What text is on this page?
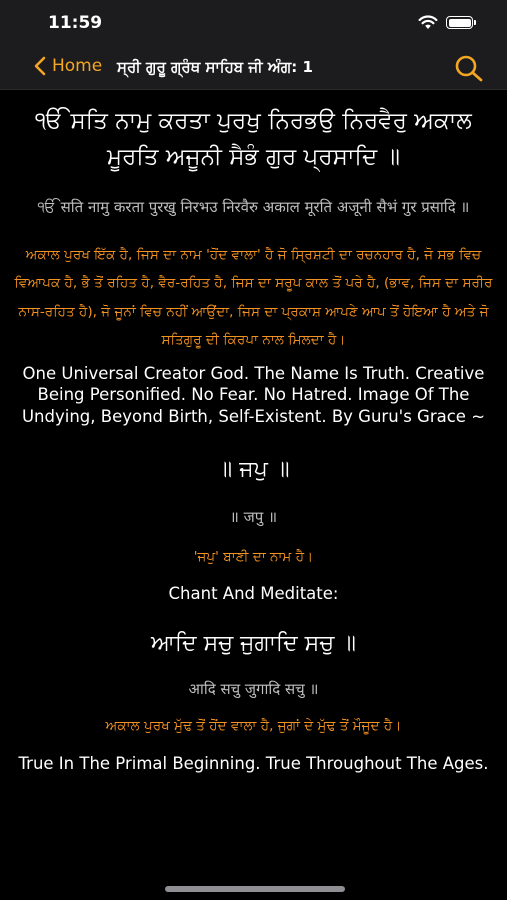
11:59
Home ਸ੍ਰੀ ਗੁਰੂ ਗ੍ਰੰਥ ਸਾਹਿਬ ਜੀ ਅੰਗ: 1
ੴ ਸਤਿ ਨਾਮੁ ਕਰਤਾ ਪੁਰਖੁ ਨਿਰਭਉ ਨਿਰਵੈਰੁ ਅਕਾਲ ਮੂਰਤਿ ਅਜੂਨੀ ਸੈਭੰ ਗੁਰ ਪ੍ਰਸਾਦਿ ॥
ੴ सति नामु करता पुरखु निरभउ निरवैरु अकाल मूरति अजूनी सैभं गुर प्रसादि ॥
ਅਕਾਲ ਪੁਰਖ ਇੱਕ ਹੈ, ਜਿਸ ਦਾ ਨਾਮ 'ਹੋਂਦ ਵਾਲਾ' ਹੈ ਜੋ ਸ੍ਰਿਸ਼ਟੀ ਦਾ ਰਚਨਹਾਰ ਹੈ, ਜੋ ਸਭ ਵਿਚ ਵਿਆਪਕ ਹੈ, ਭੈ ਤੋਂ ਰਹਿਤ ਹੈ, ਵੈਰ-ਰਹਿਤ ਹੈ, ਜਿਸ ਦਾ ਸਰੂਪ ਕਾਲ ਤੋਂ ਪਰੇ ਹੈ, (ਭਾਵ, ਜਿਸ ਦਾ ਸਰੀਰ ਨਾਸ-ਰਹਿਤ ਹੈ), ਜੋ ਜੂਨਾਂ ਵਿਚ ਨਹੀਂ ਆਉਂਦਾ, ਜਿਸ ਦਾ ਪ੍ਰਕਾਸ਼ ਆਪਣੇ ਆਪ ਤੋਂ ਹੋਇਆ ਹੈ ਅਤੇ ਜੋ ਸਤਿਗੁਰੂ ਦੀ ਕਿਰਪਾ ਨਾਲ ਮਿਲਦਾ ਹੈ।
One Universal Creator God. The Name Is Truth. Creative Being Personified. No Fear. No Hatred. Image Of The Undying, Beyond Birth, Self-Existent. By Guru's Grace ~
॥ ਜਪੁ ॥
॥ जपु ॥
'ਜਪੁ' ਬਾਣੀ ਦਾ ਨਾਮ ਹੈ।
Chant And Meditate:
ਆਦਿ ਸਚੁ ਜੁਗਾਦਿ ਸਚੁ ॥
आदि सचु जुगादि सचु ॥
ਅਕਾਲ ਪੁਰਖ ਮੁੱਢ ਤੋਂ ਹੋਂਦ ਵਾਲਾ ਹੈ, ਜੁਗਾਂ ਦੇ ਮੁੱਢ ਤੋਂ ਮੌਜੂਦ ਹੈ।
True In The Primal Beginning. True Throughout The Ages.
